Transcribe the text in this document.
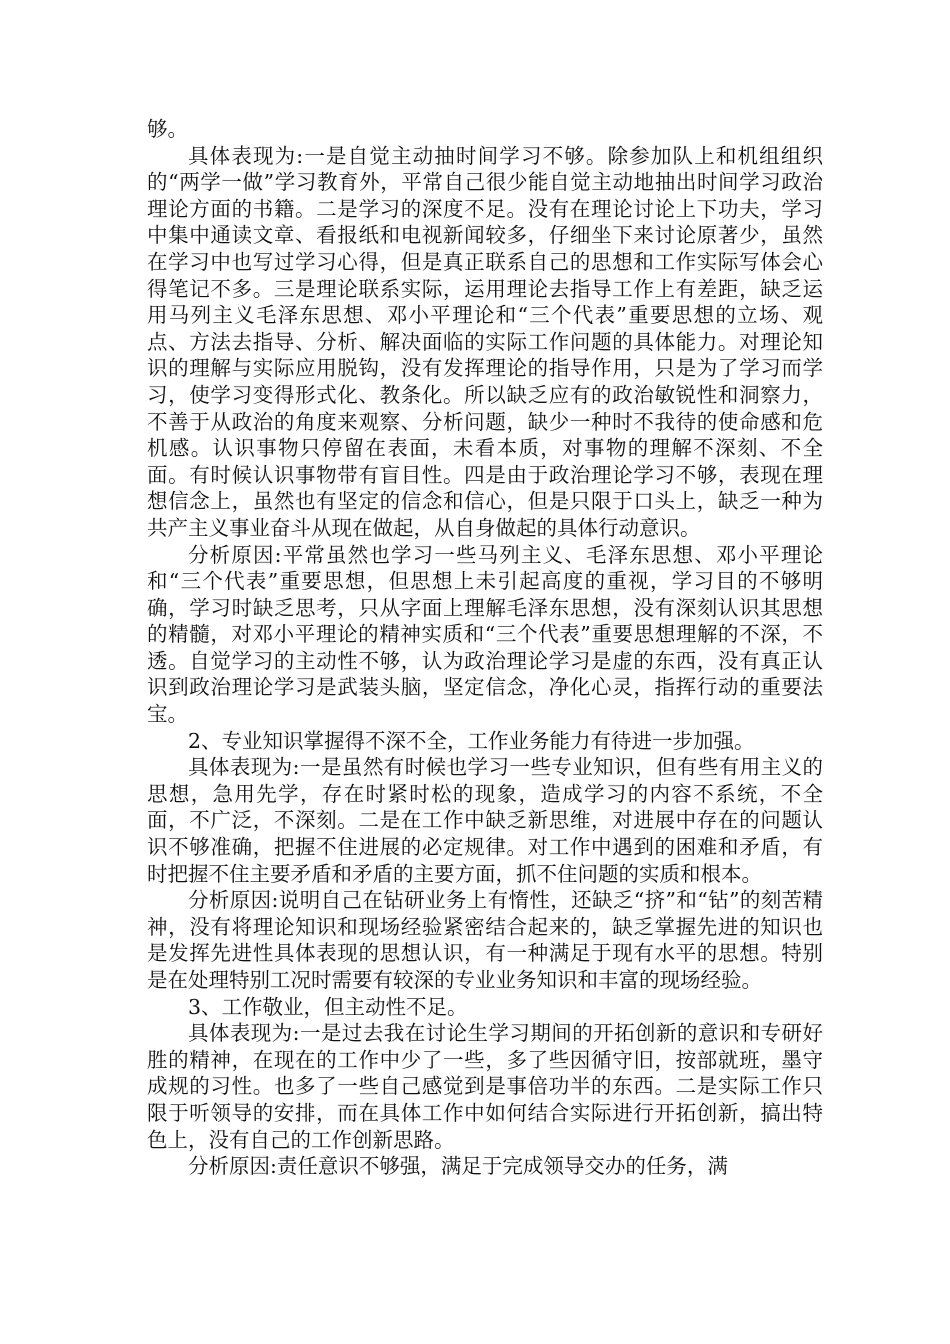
够。

具体表现为:一是自觉主动抽时间学习不够。除参加队上和机组组织的“两学一做”学习教育外，平常自己很少能自觉主动地抽出时间学习政治理论方面的书籍。二是学习的深度不足。没有在理论讨论上下功夫，学习中集中通读文章、看报纸和电视新闻较多，仔细坐下来讨论原著少，虽然在学习中也写过学习心得，但是真正联系自己的思想和工作实际写体会心得笔记不多。三是理论联系实际，运用理论去指导工作上有差距，缺乏运用马列主义毛泽东思想、邓小平理论和“三个代表”重要思想的立场、观点、方法去指导、分析、解决面临的实际工作问题的具体能力。对理论知识的理解与实际应用脱钩，没有发挥理论的指导作用，只是为了学习而学习，使学习变得形式化、教条化。所以缺乏应有的政治敏锐性和洞察力，不善于从政治的角度来观察、分析问题，缺少一种时不我待的使命感和危机感。认识事物只停留在表面，未看本质，对事物的理解不深刻、不全面。有时候认识事物带有盲目性。四是由于政治理论学习不够，表现在理想信念上，虽然也有坚定的信念和信心，但是只限于口头上，缺乏一种为共产主义事业奋斗从现在做起，从自身做起的具体行动意识。

分析原因:平常虽然也学习一些马列主义、毛泽东思想、邓小平理论和“三个代表”重要思想，但思想上未引起高度的重视，学习目的不够明确，学习时缺乏思考，只从字面上理解毛泽东思想，没有深刻认识其思想的精髓，对邓小平理论的精神实质和“三个代表”重要思想理解的不深，不透。自觉学习的主动性不够，认为政治理论学习是虚的东西，没有真正认识到政治理论学习是武装头脑，坚定信念，净化心灵，指挥行动的重要法宝。

2、专业知识掌握得不深不全，工作业务能力有待进一步加强。

具体表现为:一是虽然有时候也学习一些专业知识，但有些有用主义的思想，急用先学，存在时紧时松的现象，造成学习的内容不系统，不全面，不广泛，不深刻。二是在工作中缺乏新思维，对进展中存在的问题认识不够准确，把握不住进展的必定规律。对工作中遇到的困难和矛盾，有时把握不住主要矛盾和矛盾的主要方面，抓不住问题的实质和根本。

分析原因:说明自己在钻研业务上有惰性，还缺乏“挤”和“钻”的刻苦精神，没有将理论知识和现场经验紧密结合起来的，缺乏掌握先进的知识也是发挥先进性具体表现的思想认识，有一种满足于现有水平的思想。特别是在处理特别工况时需要有较深的专业业务知识和丰富的现场经验。

3、工作敬业，但主动性不足。

具体表现为:一是过去我在讨论生学习期间的开拓创新的意识和专研好胜的精神，在现在的工作中少了一些，多了些因循守旧，按部就班，墨守成规的习性。也多了一些自己感觉到是事倍功半的东西。二是实际工作只限于听领导的安排，而在具体工作中如何结合实际进行开拓创新，搞出特色上，没有自己的工作创新思路。

分析原因:责任意识不够强，满足于完成领导交办的任务，满
